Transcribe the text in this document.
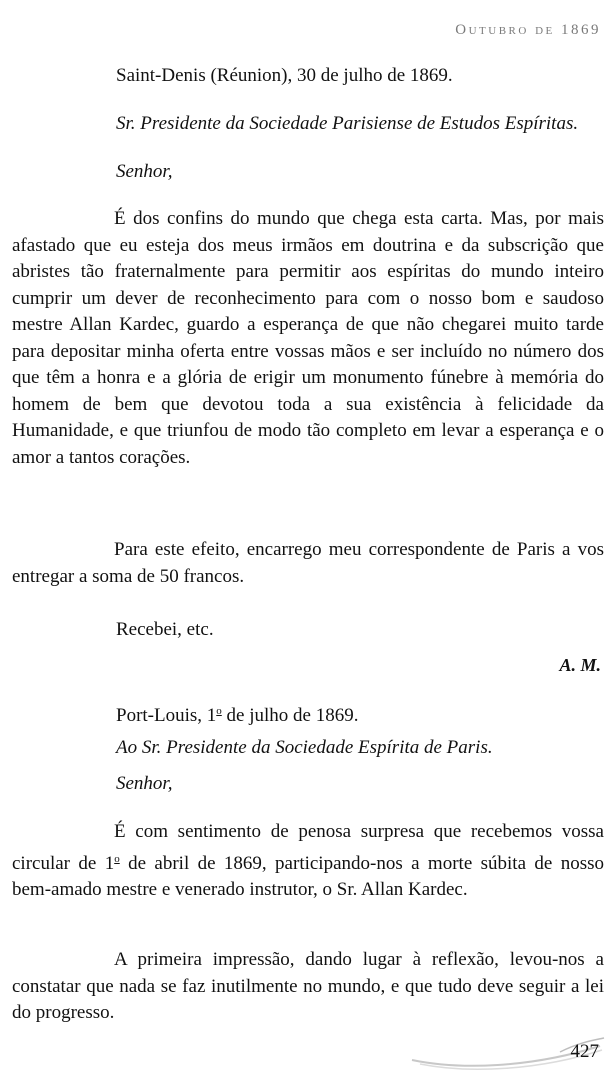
Outubro de 1869
Saint-Denis (Réunion), 30 de julho de 1869.
Sr. Presidente da Sociedade Parisiense de Estudos Espíritas.
Senhor,

É dos confins do mundo que chega esta carta. Mas, por mais afastado que eu esteja dos meus irmãos em doutrina e da subscrição que abristes tão fraternalmente para permitir aos espíritas do mundo inteiro cumprir um dever de reconhecimento para com o nosso bom e saudoso mestre Allan Kardec, guardo a esperança de que não chegarei muito tarde para depositar minha oferta entre vossas mãos e ser incluído no número dos que têm a honra e a glória de erigir um monumento fúnebre à memória do homem de bem que devotou toda a sua existência à felicidade da Humanidade, e que triunfou de modo tão completo em levar a esperança e o amor a tantos corações.

Para este efeito, encarrego meu correspondente de Paris a vos entregar a soma de 50 francos.

Recebei, etc.
A. M.
Port-Louis, 1$^o$ de julho de 1869.
Ao Sr. Presidente da Sociedade Espírita de Paris.
Senhor,

É com sentimento de penosa surpresa que recebemos vossa circular de 1$^o$ de abril de 1869, participando-nos a morte súbita de nosso bem-amado mestre e venerado instrutor, o Sr. Allan Kardec.

A primeira impressão, dando lugar à reflexão, levou-nos a constatar que nada se faz inutilmente no mundo, e que tudo deve seguir a lei do progresso.

427
